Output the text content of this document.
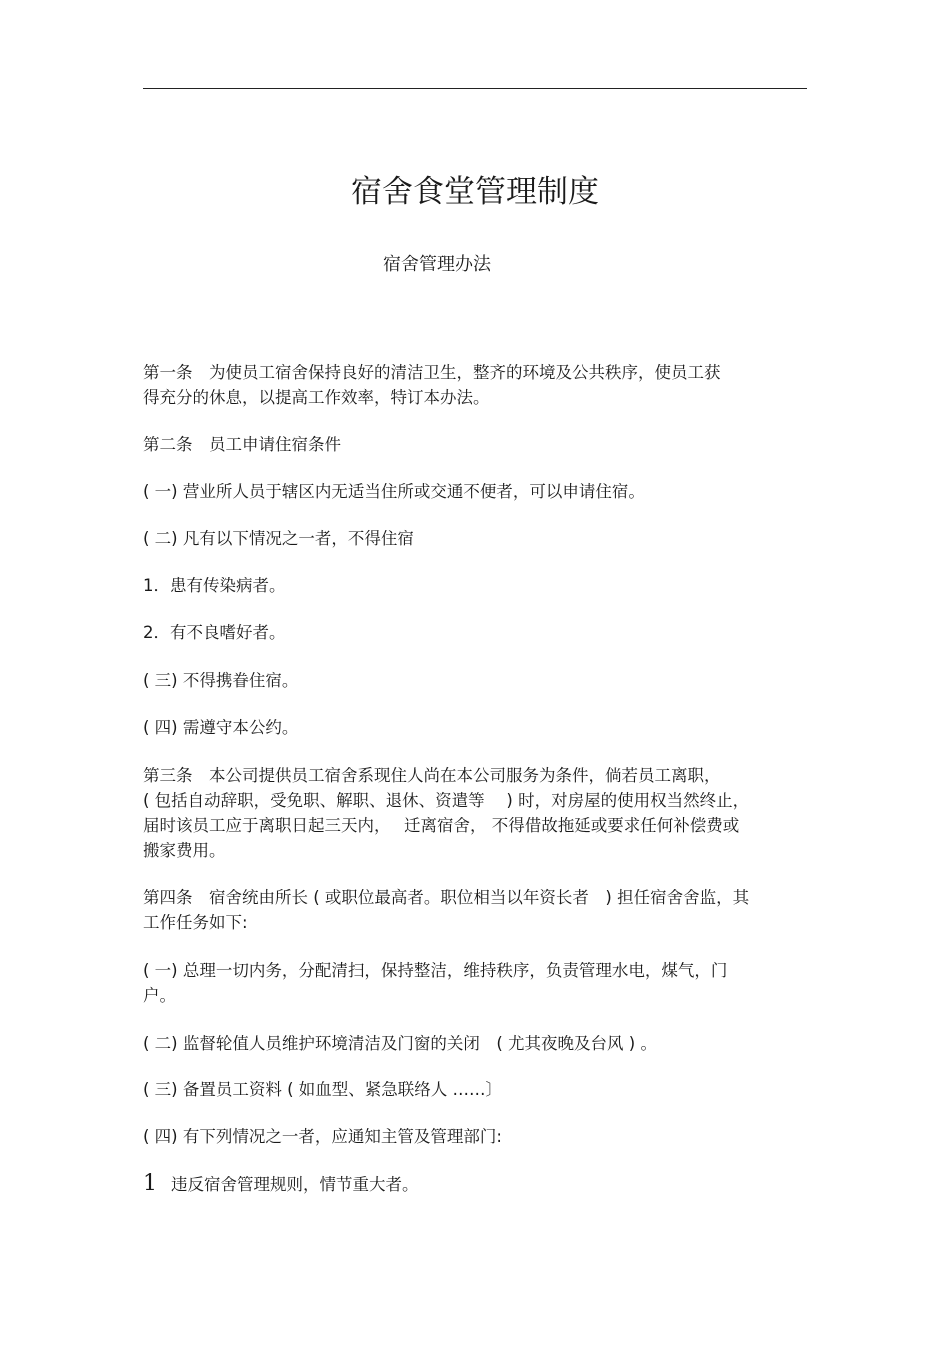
宿舍食堂管理制度
宿舍管理办法
第一条　为使员工宿舍保持良好的清洁卫生，整齐的环境及公共秩序，使员工获
得充分的休息，以提高工作效率，特订本办法。
第二条　员工申请住宿条件
( 一) 营业所人员于辖区内无适当住所或交通不便者，可以申请住宿。
( 二) 凡有以下情况之一者，不得住宿
1．患有传染病者。
2．有不良嗜好者。
( 三) 不得携眷住宿。
( 四) 需遵守本公约。
第三条　本公司提供员工宿舍系现住人尚在本公司服务为条件，倘若员工离职，
( 包括自动辞职，受免职、解职、退休、资遣等　 ) 时，对房屋的使用权当然终止，
届时该员工应于离职日起三天内，　 迁离宿舍， 不得借故拖延或要求任何补偿费或
搬家费用。
第四条　宿舍统由所长 ( 或职位最高者。职位相当以年资长者　) 担任宿舍舍监，其
工作任务如下:
( 一) 总理一切内务，分配清扫，保持整洁，维持秩序，负责管理水电，煤气，门
户。
( 二) 监督轮值人员维护环境清洁及门窗的关闭　( 尤其夜晚及台风 ) 。
( 三) 备置员工资料 ( 如血型、紧急联络人 ……〕
( 四) 有下列情况之一者，应通知主管及管理部门:
1 违反宿舍管理规则，情节重大者。
